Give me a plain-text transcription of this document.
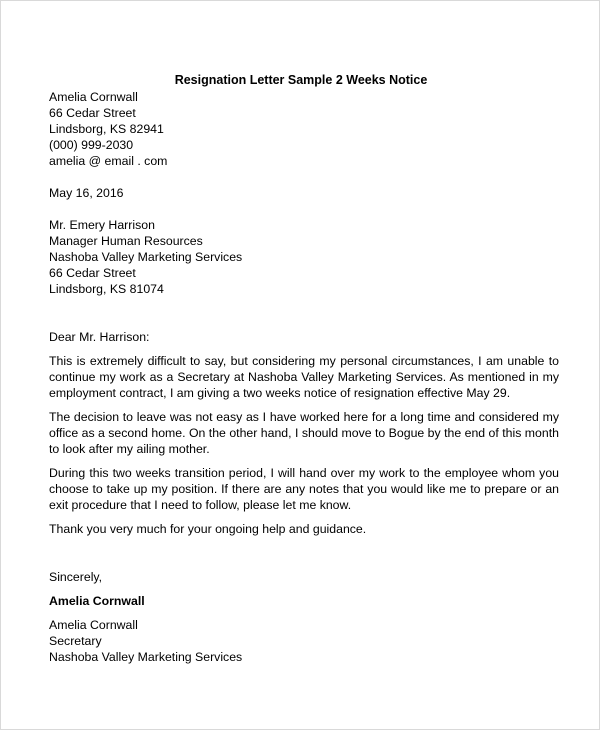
Resignation Letter Sample 2 Weeks Notice
Amelia Cornwall
66 Cedar Street
Lindsborg, KS 82941
(000) 999-2030
amelia @ email . com
May 16, 2016
Mr. Emery Harrison
Manager Human Resources
Nashoba Valley Marketing Services
66 Cedar Street
Lindsborg, KS 81074
Dear Mr. Harrison:
This is extremely difficult to say, but considering my personal circumstances, I am unable to continue my work as a Secretary at Nashoba Valley Marketing Services. As mentioned in my employment contract, I am giving a two weeks notice of resignation effective May 29.
The decision to leave was not easy as I have worked here for a long time and considered my office as a second home. On the other hand, I should move to Bogue by the end of this month to look after my ailing mother.
During this two weeks transition period, I will hand over my work to the employee whom you choose to take up my position. If there are any notes that you would like me to prepare or an exit procedure that I need to follow, please let me know.
Thank you very much for your ongoing help and guidance.
Sincerely,
Amelia Cornwall
Amelia Cornwall
Secretary
Nashoba Valley Marketing Services
